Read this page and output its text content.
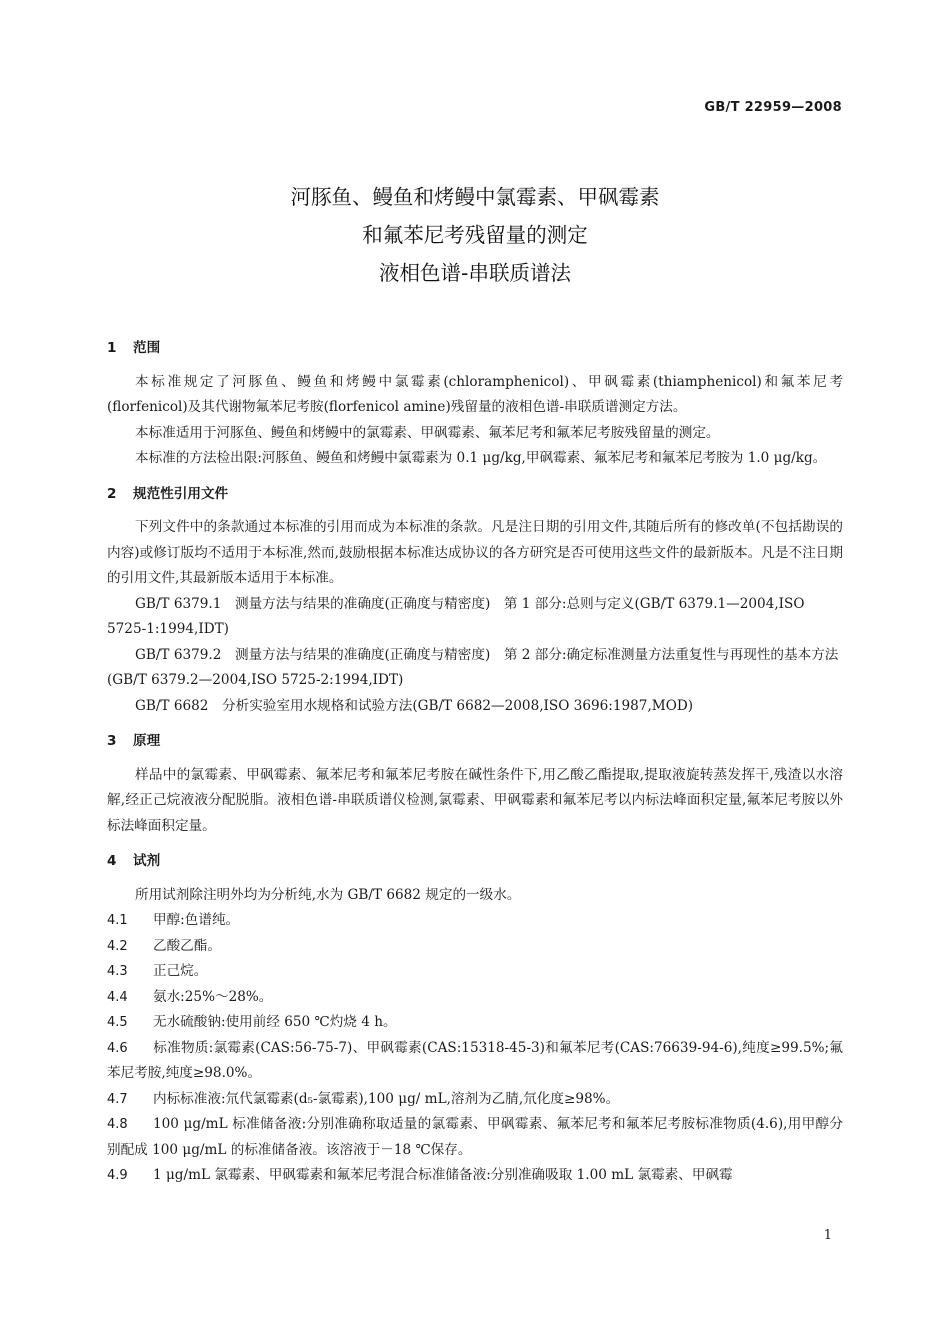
GB/T 22959—2008
河豚鱼、鳗鱼和烤鳗中氯霉素、甲砜霉素
和氟苯尼考残留量的测定
液相色谱-串联质谱法
1 范围

本标准规定了河豚鱼、鳗鱼和烤鳗中氯霉素(chloramphenicol)、甲砜霉素(thiamphenicol)和氟苯尼考(florfenicol)及其代谢物氟苯尼考胺(florfenicol amine)残留量的液相色谱-串联质谱测定方法。

本标准适用于河豚鱼、鳗鱼和烤鳗中的氯霉素、甲砜霉素、氟苯尼考和氟苯尼考胺残留量的测定。

本标准的方法检出限:河豚鱼、鳗鱼和烤鳗中氯霉素为 0.1 μg/kg,甲砜霉素、氟苯尼考和氟苯尼考胺为 1.0 μg/kg。

2 规范性引用文件

下列文件中的条款通过本标准的引用而成为本标准的条款。凡是注日期的引用文件,其随后所有的修改单(不包括勘误的内容)或修订版均不适用于本标准,然而,鼓励根据本标准达成协议的各方研究是否可使用这些文件的最新版本。凡是不注日期的引用文件,其最新版本适用于本标准。

GB/T 6379.1　测量方法与结果的准确度(正确度与精密度)　第 1 部分:总则与定义(GB/T 6379.1—2004,ISO 5725-1:1994,IDT)

GB/T 6379.2　测量方法与结果的准确度(正确度与精密度)　第 2 部分:确定标准测量方法重复性与再现性的基本方法(GB/T 6379.2—2004,ISO 5725-2:1994,IDT)

GB/T 6682　分析实验室用水规格和试验方法(GB/T 6682—2008,ISO 3696:1987,MOD)

3 原理

样品中的氯霉素、甲砜霉素、氟苯尼考和氟苯尼考胺在碱性条件下,用乙酸乙酯提取,提取液旋转蒸发挥干,残渣以水溶解,经正己烷液液分配脱脂。液相色谱-串联质谱仪检测,氯霉素、甲砜霉素和氟苯尼考以内标法峰面积定量,氟苯尼考胺以外标法峰面积定量。

4 试剂

所用试剂除注明外均为分析纯,水为 GB/T 6682 规定的一级水。

4.1 甲醇:色谱纯。

4.2 乙酸乙酯。

4.3 正己烷。

4.4 氨水:25%～28%。

4.5 无水硫酸钠:使用前经 650 ℃灼烧 4 h。

4.6 标准物质:氯霉素(CAS:56-75-7)、甲砜霉素(CAS:15318-45-3)和氟苯尼考(CAS:76639-94-6),纯度≥99.5%;氟苯尼考胺,纯度≥98.0%。

4.7 内标标准液:氘代氯霉素(d₅-氯霉素),100 μg/ mL,溶剂为乙腈,氘化度≥98%。

4.8 100 μg/mL 标准储备液:分别准确称取适量的氯霉素、甲砜霉素、氟苯尼考和氟苯尼考胺标准物质(4.6),用甲醇分别配成 100 μg/mL 的标准储备液。该溶液于－18 ℃保存。

4.9 1 μg/mL 氯霉素、甲砜霉素和氟苯尼考混合标准储备液:分别准确吸取 1.00 mL 氯霉素、甲砜霉

1
